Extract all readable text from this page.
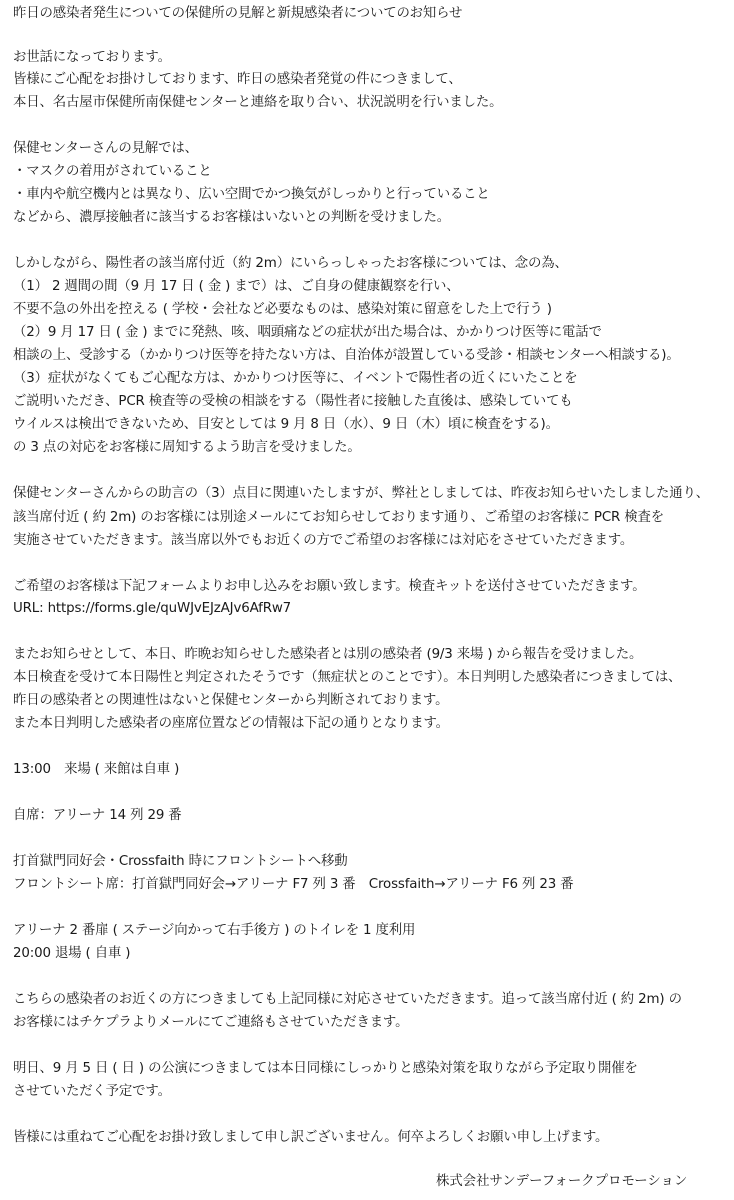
昨日の感染者発生についての保健所の見解と新規感染者についてのお知らせ
お世話になっております。
皆様にご心配をお掛けしております、昨日の感染者発覚の件につきまして、
本日、名古屋市保健所南保健センターと連絡を取り合い、状況説明を行いました。
保健センターさんの見解では、
・マスクの着用がされていること
・車内や航空機内とは異なり、広い空間でかつ換気がしっかりと行っていること
などから、濃厚接触者に該当するお客様はいないとの判断を受けました。
しかしながら、陽性者の該当席付近（約 2m）にいらっしゃったお客様については、念の為、
（1） 2 週間の間（9 月 17 日 ( 金 ) まで）は、ご自身の健康観察を行い、
不要不急の外出を控える ( 学校・会社など必要なものは、感染対策に留意をした上で行う )
（2）9 月 17 日 ( 金 ) までに発熱、咳、咽頭痛などの症状が出た場合は、かかりつけ医等に電話で
相談の上、受診する（かかりつけ医等を持たない方は、自治体が設置している受診・相談センターへ相談する)。
（3）症状がなくてもご心配な方は、かかりつけ医等に、イベントで陽性者の近くにいたことを
ご説明いただき、PCR 検査等の受検の相談をする（陽性者に接触した直後は、感染していても
ウイルスは検出できないため、目安としては 9 月 8 日（水）、9 日（木）頃に検査をする)。
の 3 点の対応をお客様に周知するよう助言を受けました。
保健センターさんからの助言の（3）点目に関連いたしますが、弊社としましては、昨夜お知らせいたしました通り、
該当席付近 ( 約 2m) のお客様には別途メールにてお知らせしております通り、ご希望のお客様に PCR 検査を
実施させていただきます。該当席以外でもお近くの方でご希望のお客様には対応をさせていただきます。
ご希望のお客様は下記フォームよりお申し込みをお願い致します。検査キットを送付させていただきます。
URL: https://forms.gle/quWJvEJzAJv6AfRw7
またお知らせとして、本日、昨晩お知らせした感染者とは別の感染者 (9/3 来場 ) から報告を受けました。
本日検査を受けて本日陽性と判定されたそうです（無症状とのことです）。本日判明した感染者につきましては、
昨日の感染者との関連性はないと保健センターから判断されております。
また本日判明した感染者の座席位置などの情報は下記の通りとなります。
13:00　来場 ( 来館は自車 )
自席：アリーナ 14 列 29 番
打首獄門同好会・Crossfaith 時にフロントシートへ移動
フロントシート席：打首獄門同好会→アリーナ F7 列 3 番　Crossfaith→アリーナ F6 列 23 番
アリーナ 2 番扉 ( ステージ向かって右手後方 ) のトイレを 1 度利用
20:00 退場 ( 自車 )
こちらの感染者のお近くの方につきましても上記同様に対応させていただきます。追って該当席付近 ( 約 2m) の
お客様にはチケプラよりメールにてご連絡もさせていただきます。
明日、9 月 5 日 ( 日 ) の公演につきましては本日同様にしっかりと感染対策を取りながら予定取り開催を
させていただく予定です。
皆様には重ねてご心配をお掛け致しまして申し訳ございません。何卒よろしくお願い申し上げます。
株式会社サンデーフォークプロモーション
